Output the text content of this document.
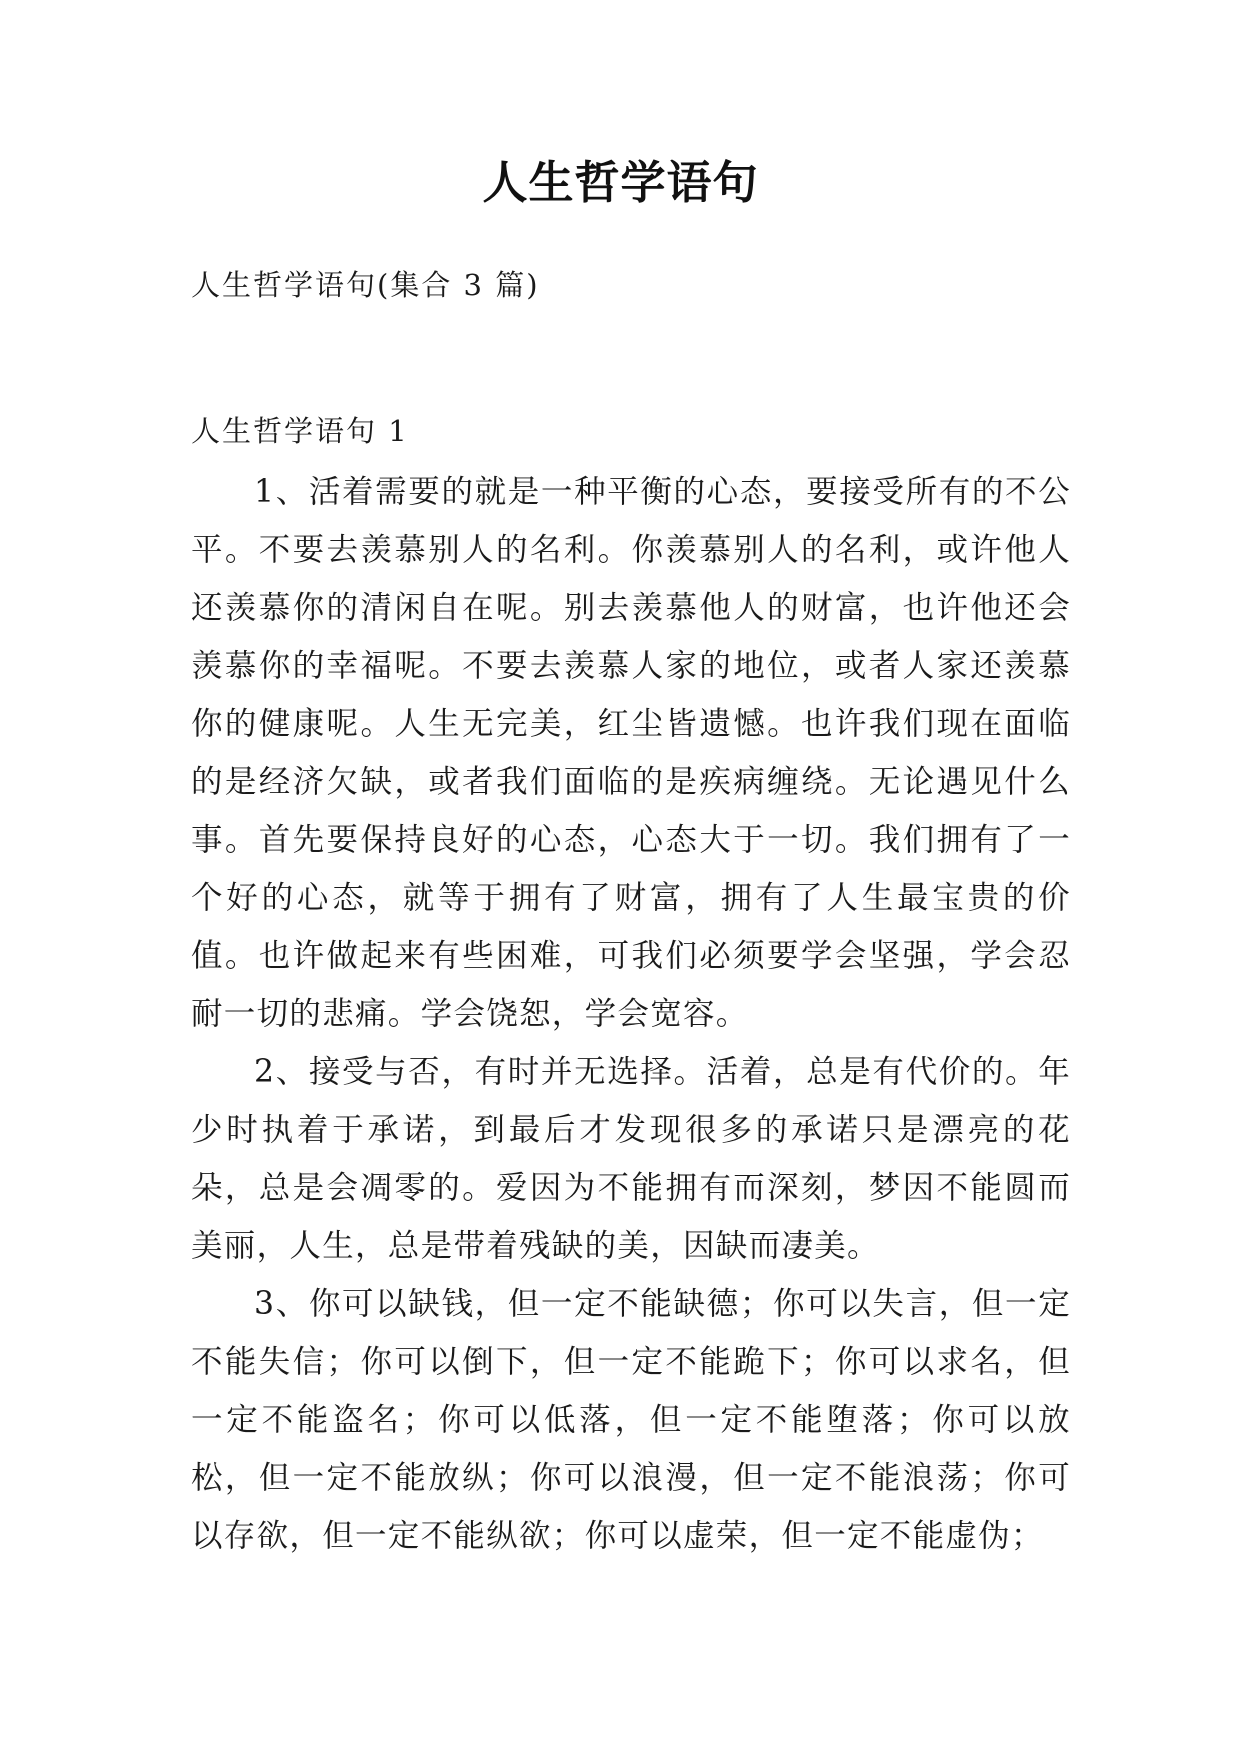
人生哲学语句
人生哲学语句(集合 3 篇)
人生哲学语句 1

1、活着需要的就是一种平衡的心态，要接受所有的不公平。不要去羡慕别人的名利。你羡慕别人的名利，或许他人还羡慕你的清闲自在呢。别去羡慕他人的财富，也许他还会羡慕你的幸福呢。不要去羡慕人家的地位，或者人家还羡慕你的健康呢。人生无完美，红尘皆遗憾。也许我们现在面临的是经济欠缺，或者我们面临的是疾病缠绕。无论遇见什么事。首先要保持良好的心态，心态大于一切。我们拥有了一个好的心态，就等于拥有了财富，拥有了人生最宝贵的价值。也许做起来有些困难，可我们必须要学会坚强，学会忍耐一切的悲痛。学会饶恕，学会宽容。

2、接受与否，有时并无选择。活着，总是有代价的。年少时执着于承诺，到最后才发现很多的承诺只是漂亮的花朵，总是会凋零的。爱因为不能拥有而深刻，梦因不能圆而美丽，人生，总是带着残缺的美，因缺而凄美。

3、你可以缺钱，但一定不能缺德；你可以失言，但一定不能失信；你可以倒下，但一定不能跪下；你可以求名，但一定不能盗名；你可以低落，但一定不能堕落；你可以放松，但一定不能放纵；你可以浪漫，但一定不能浪荡；你可以存欲，但一定不能纵欲；你可以虚荣，但一定不能虚伪；
